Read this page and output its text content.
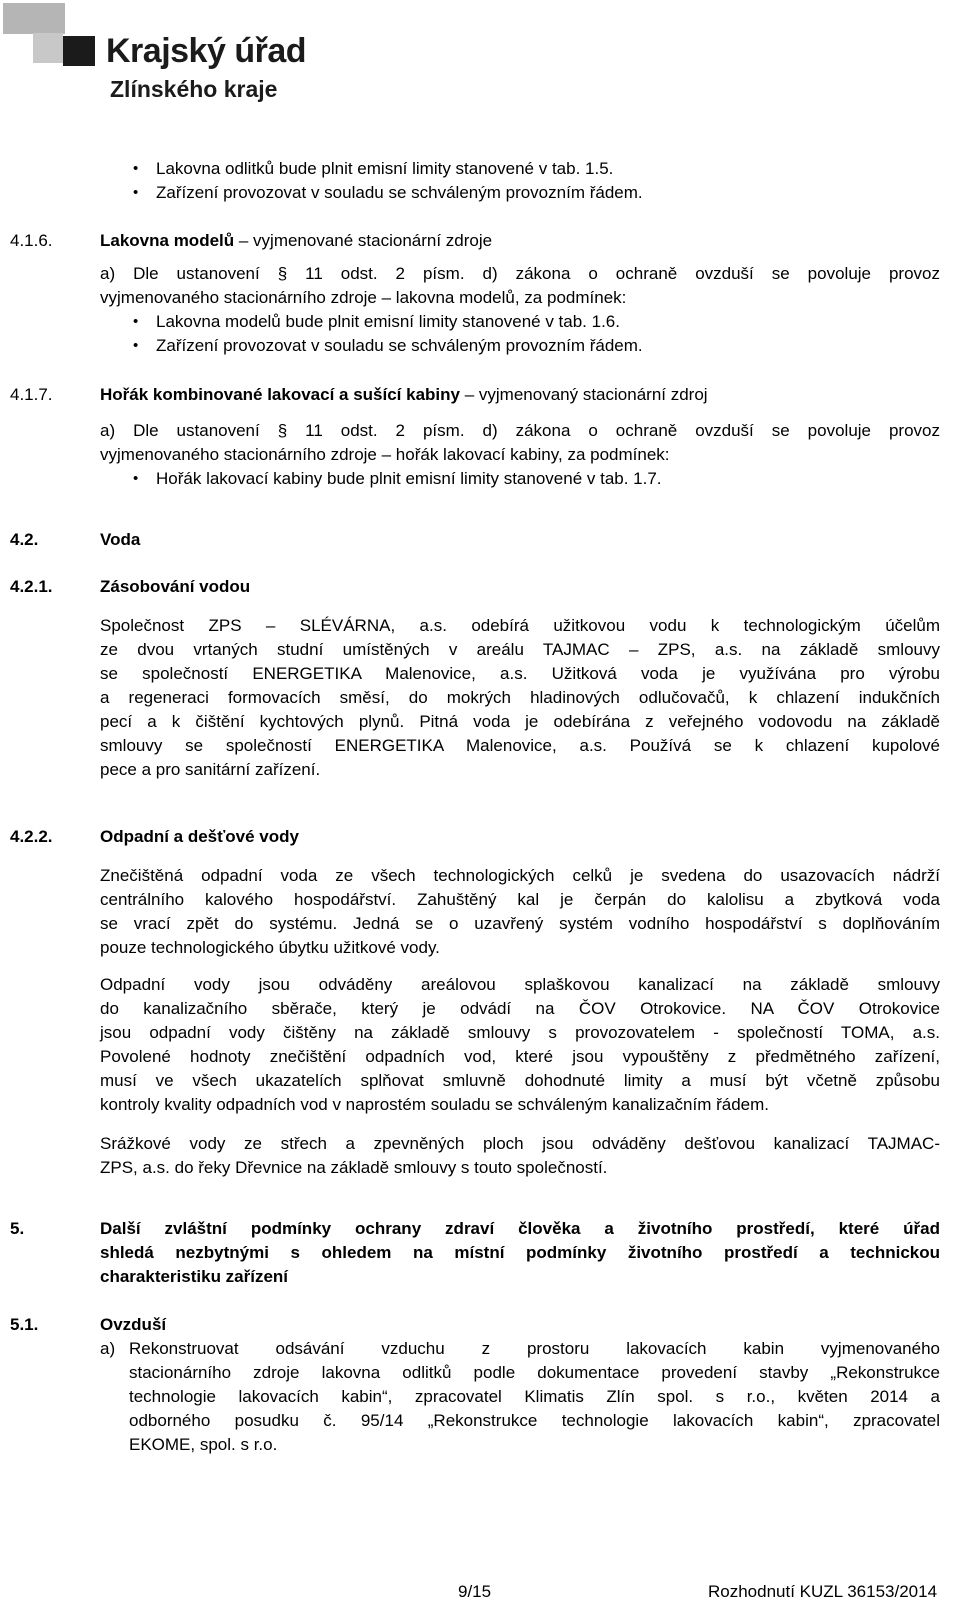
Krajský úřad
Zlínského kraje
• Lakovna odlitků bude plnit emisní limity stanovené v tab. 1.5.
• Zařízení provozovat v souladu se schváleným provozním řádem.
4.1.6.	Lakovna modelů – vyjmenované stacionární zdroje
a) Dle ustanovení § 11 odst. 2 písm. d) zákona o ochraně ovzduší se povoluje provoz
vyjmenovaného stacionárního zdroje – lakovna modelů, za podmínek:
• Lakovna modelů bude plnit emisní limity stanovené v tab. 1.6.
• Zařízení provozovat v souladu se schváleným provozním řádem.
4.1.7.	Hořák kombinované lakovací a sušící kabiny – vyjmenovaný stacionární zdroj
a) Dle ustanovení § 11 odst. 2 písm. d) zákona o ochraně ovzduší se povoluje provoz
vyjmenovaného stacionárního zdroje – hořák lakovací kabiny, za podmínek:
• Hořák lakovací kabiny bude plnit emisní limity stanovené v tab. 1.7.
4.2.	Voda
4.2.1.	Zásobování vodou
Společnost ZPS – SLÉVÁRNA, a.s. odebírá užitkovou vodu k technologickým účelům
ze dvou vrtaných studní umístěných v areálu TAJMAC – ZPS, a.s. na základě smlouvy
se společností ENERGETIKA Malenovice, a.s. Užitková voda je využívána pro výrobu
a regeneraci formovacích směsí, do mokrých hladinových odlučovačů, k chlazení indukčních
pecí a k čištění kychtových plynů. Pitná voda je odebírána z veřejného vodovodu na základě
smlouvy se společností ENERGETIKA Malenovice, a.s. Používá se k chlazení kupolové
pece a pro sanitární zařízení.
4.2.2.	Odpadní a dešťové vody
Znečištěná odpadní voda ze všech technologických celků je svedena do usazovacích nádrží
centrálního kalového hospodářství. Zahuštěný kal je čerpán do kalolisu a zbytková voda
se vrací zpět do systému. Jedná se o uzavřený systém vodního hospodářství s doplňováním
pouze technologického úbytku užitkové vody.
Odpadní vody jsou odváděny areálovou splaškovou kanalizací na základě smlouvy
do kanalizačního sběrače, který je odvádí na ČOV Otrokovice. NA ČOV Otrokovice
jsou odpadní vody čištěny na základě smlouvy s provozovatelem - společností TOMA, a.s.
Povolené hodnoty znečištění odpadních vod, které jsou vypouštěny z předmětného zařízení,
musí ve všech ukazatelích splňovat smluvně dohodnuté limity a musí být včetně způsobu
kontroly kvality odpadních vod v naprostém souladu se schváleným kanalizačním řádem.
Srážkové vody ze střech a zpevněných ploch jsou odváděny dešťovou kanalizací TAJMAC-
ZPS, a.s. do řeky Dřevnice na základě smlouvy s touto společností.
5.	Další zvláštní podmínky ochrany zdraví člověka a životního prostředí, které úřad
shledá nezbytnými s ohledem na místní podmínky životního prostředí a technickou
charakteristiku zařízení
5.1.	Ovzduší
a) Rekonstruovat odsávání vzduchu z prostoru lakovacích kabin vyjmenovaného
stacionárního zdroje lakovna odlitků podle dokumentace provedení stavby „Rekonstrukce
technologie lakovacích kabin“, zpracovatel Klimatis Zlín spol. s r.o., květen 2014 a
odborného posudku č. 95/14 „Rekonstrukce technologie lakovacích kabin“, zpracovatel
EKOME, spol. s r.o.
9/15	Rozhodnutí KUZL 36153/2014
